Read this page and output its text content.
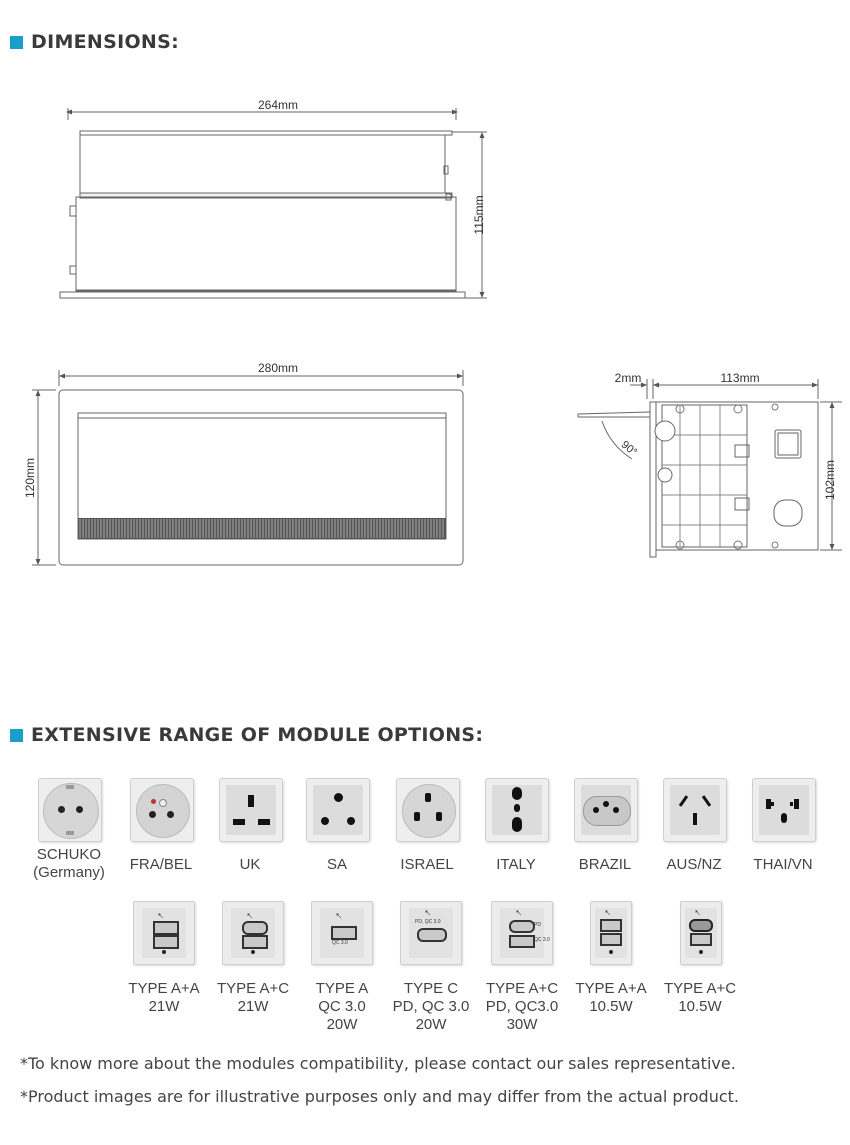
DIMENSIONS:
264mm
115mm
280mm
120mm
2mm	113mm
102mm
90°
EXTENSIVE RANGE OF MODULE OPTIONS:
SCHUKO
(Germany)	FRA/BEL	UK	SA	ISRAEL	ITALY	BRAZIL	AUS/NZ	THAI/VN
⭦
TYPE A+A
21W
⭦
TYPE A+C
21W
⭦
QC 3.0
TYPE A
QC 3.0
20W
⭦
PD, QC 3.0
TYPE C
PD, QC 3.0
20W
⭦
PD
QC 3.0
TYPE A+C
PD, QC3.0
30W
⭦
TYPE A+A
10.5W
⭦
TYPE A+C
10.5W
*To know more about the modules compatibility, please contact our sales representative.
*Product images are for illustrative purposes only and may differ from the actual product.
